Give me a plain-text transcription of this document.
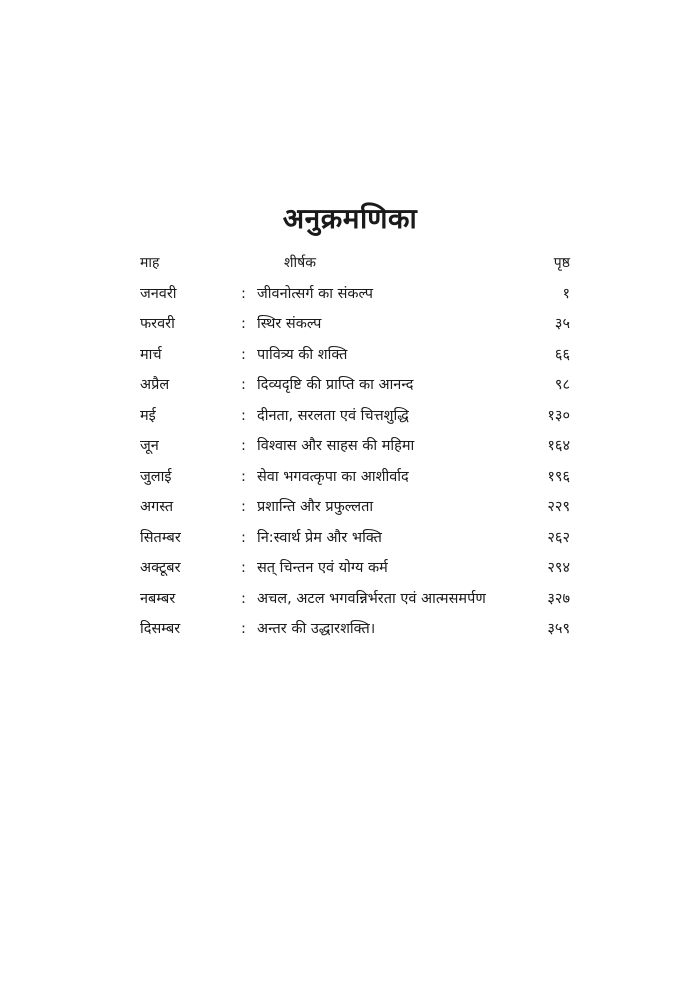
अनुक्रमणिका
माह	शीर्षक	पृष्ठ
जनवरी	: जीवनोत्सर्ग का संकल्प	१
फरवरी	: स्थिर संकल्प	३५
मार्च	: पावित्र्य की शक्ति	६६
अप्रैल	: दिव्यदृष्टि की प्राप्ति का आनन्द	९८
मई	: दीनता, सरलता एवं चित्तशुद्धि	१३०
जून	: विश्वास और साहस की महिमा	१६४
जुलाई	: सेवा भगवत्कृपा का आशीर्वाद	१९६
अगस्त	: प्रशान्ति और प्रफुल्लता	२२९
सितम्बर	: नि:स्वार्थ प्रेम और भक्ति	२६२
अक्टूबर	: सत् चिन्तन एवं योग्य कर्म	२९४
नबम्बर	: अचल, अटल भगवन्निर्भरता एवं आत्मसमर्पण	३२७
दिसम्बर	: अन्तर की उद्धारशक्ति।	३५९
